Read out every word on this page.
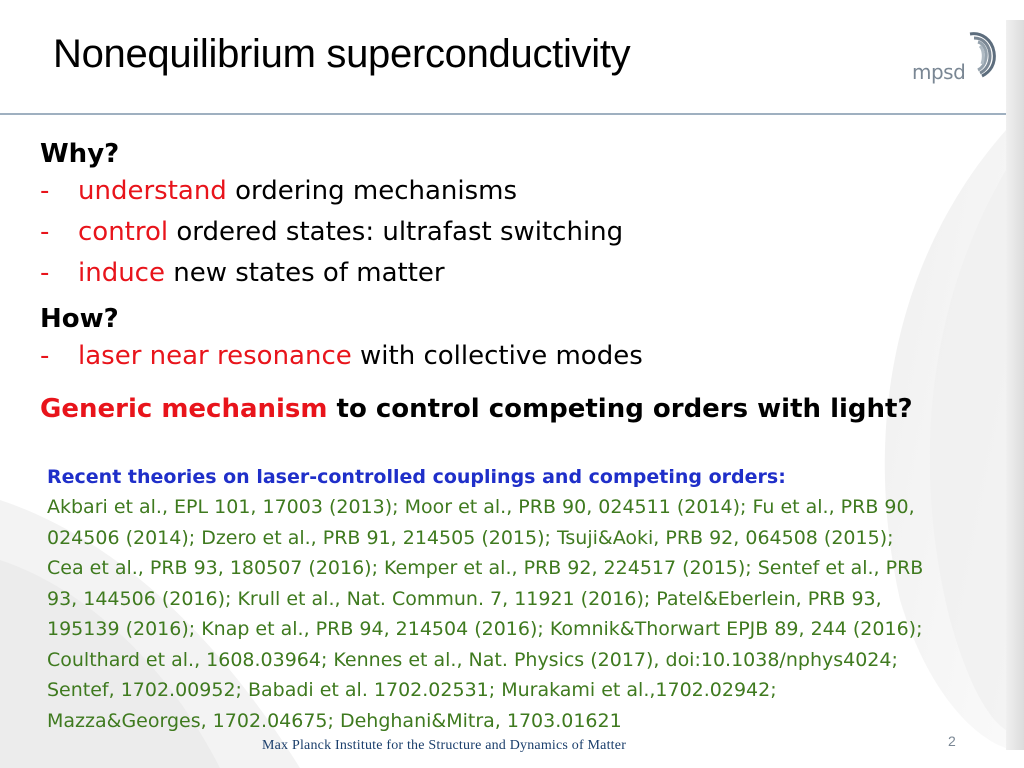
Nonequilibrium superconductivity	mpsd

Why?

- understand ordering mechanisms

- control ordered states: ultrafast switching

- induce new states of matter

How?

- laser near resonance with collective modes

Generic mechanism to control competing orders with light?

Recent theories on laser-controlled couplings and competing orders:
Akbari et al., EPL 101, 17003 (2013); Moor et al., PRB 90, 024511 (2014); Fu et al., PRB 90,
024506 (2014); Dzero et al., PRB 91, 214505 (2015); Tsuji&Aoki, PRB 92, 064508 (2015);
Cea et al., PRB 93, 180507 (2016); Kemper et al., PRB 92, 224517 (2015); Sentef et al., PRB
93, 144506 (2016); Krull et al., Nat. Commun. 7, 11921 (2016); Patel&Eberlein, PRB 93,
195139 (2016); Knap et al., PRB 94, 214504 (2016); Komnik&Thorwart EPJB 89, 244 (2016);
Coulthard et al., 1608.03964; Kennes et al., Nat. Physics (2017), doi:10.1038/nphys4024;
Sentef, 1702.00952; Babadi et al. 1702.02531; Murakami et al.,1702.02942;
Mazza&Georges, 1702.04675; Dehghani&Mitra, 1703.01621
Max Planck Institute for the Structure and Dynamics of Matter	2
